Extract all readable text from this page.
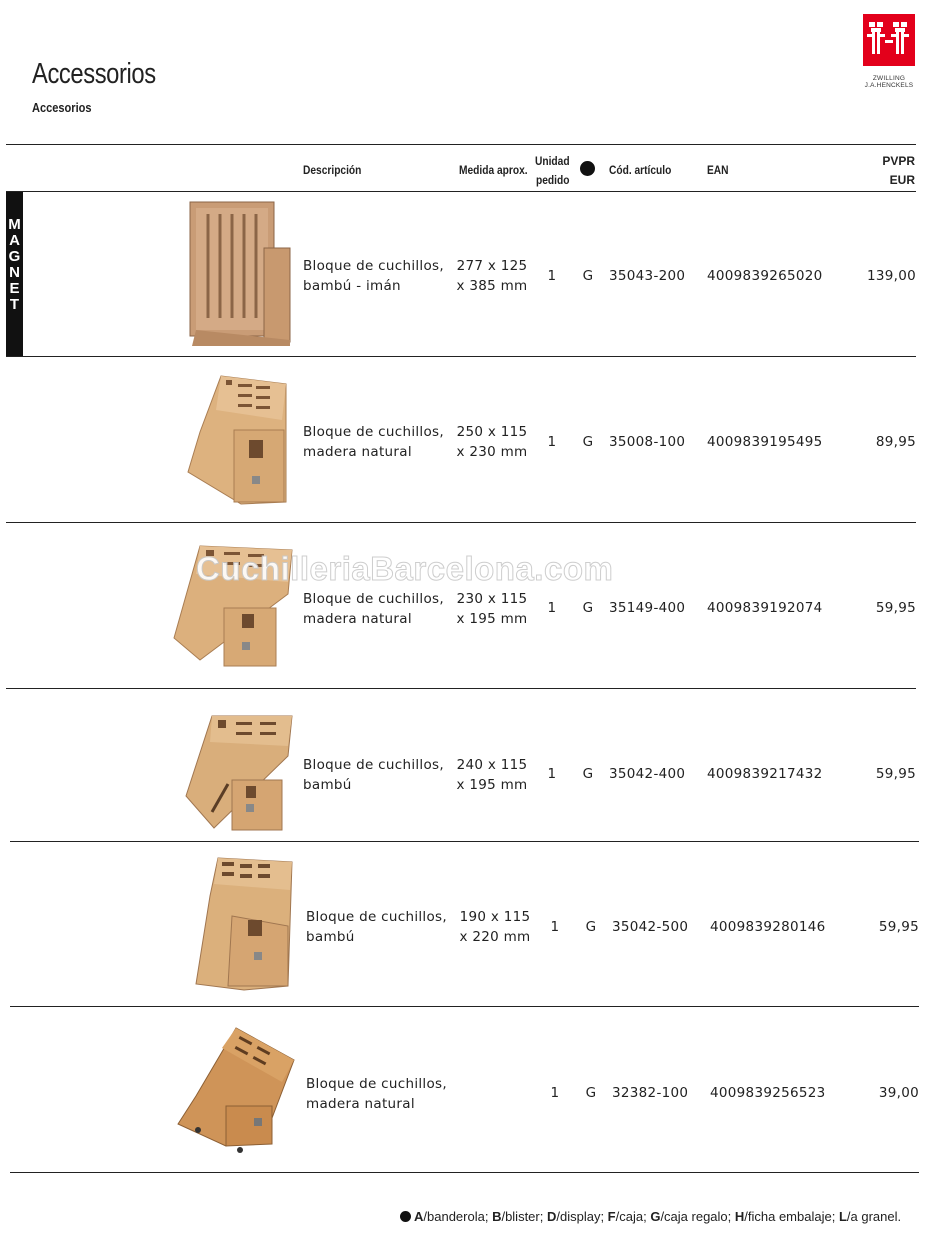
Accessorios
Accesorios
ZWILLING
J.A.HENCKELS
Descripción	Medida aprox.
Unidad
pedido
Cód. artículo	EAN
PVPR
EUR
MAGNET	Bloque de cuchillos,
bambú - imán
277 x 125
x 385 mm
1	G	35043-200 4009839265020	139,00
Bloque de cuchillos,
madera natural
250 x 115
x 230 mm
1	G	35008-100 4009839195495	89,95
Bloque de cuchillos,
madera natural
230 x 115
x 195 mm
1	G	35149-400 4009839192074	59,95
CuchilleriaBarcelona.com
Bloque de cuchillos,
bambú
240 x 115
x 195 mm
1	G	35042-400 4009839217432	59,95
Bloque de cuchillos,
bambú
190 x 115
x 220 mm
1	G	35042-500 4009839280146	59,95
Bloque de cuchillos,
madera natural
1	G	32382-100 4009839256523	39,00
A/banderola; B/blister; D/display; F/caja; G/caja regalo; H/ficha embalaje; L/a granel.
